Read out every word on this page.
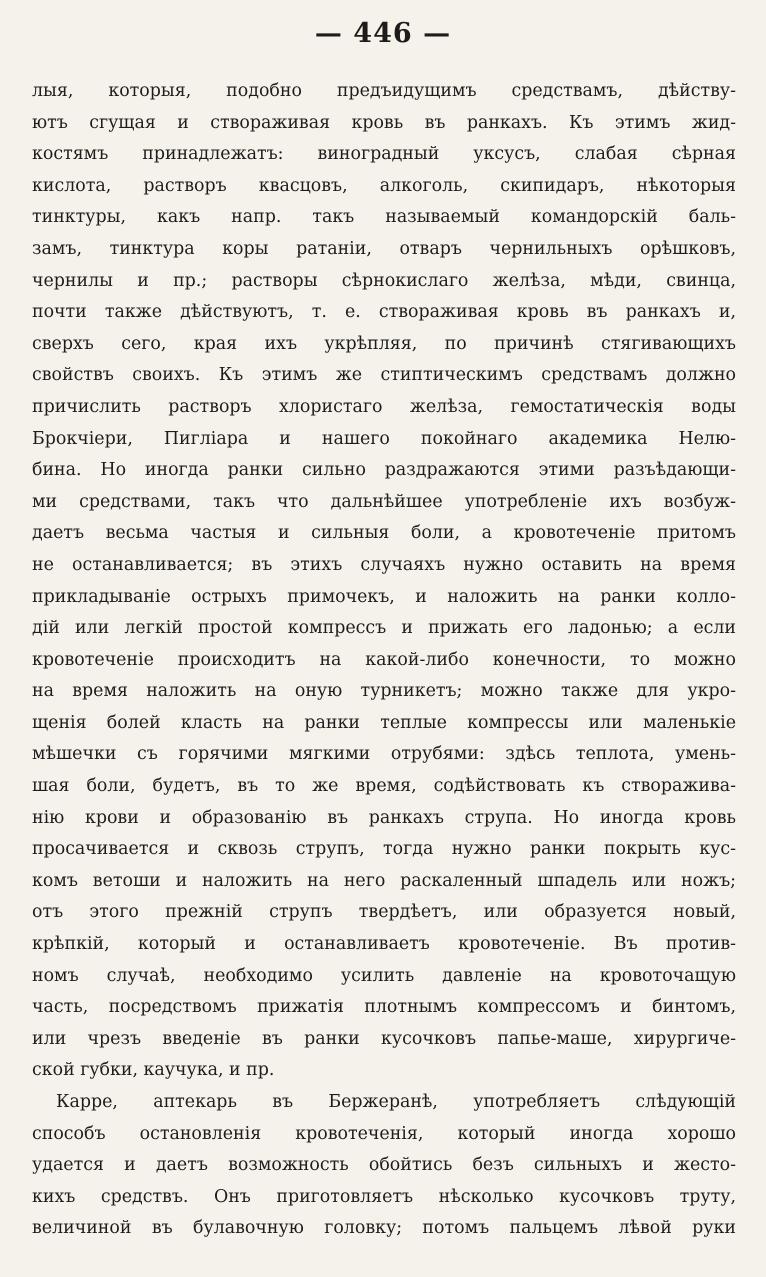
— 446 —
лыя, которыя, подобно предъидущимъ средствамъ, дѣйству-
ютъ сгущая и створаживая кровь въ ранкахъ. Къ этимъ жид-
костямъ принадлежатъ: виноградный уксусъ, слабая сѣрная
кислота, растворъ квасцовъ, алкоголь, скипидаръ, нѣкоторыя
тинктуры, какъ напр. такъ называемый командорскій баль-
замъ, тинктура коры ратаніи, отваръ чернильныхъ орѣшковъ,
чернилы и пр.; растворы сѣрнокислаго желѣза, мѣди, свинца,
почти также дѣйствуютъ, т. е. створаживая кровь въ ранкахъ и,
сверхъ сего, края ихъ укрѣпляя, по причинѣ стягивающихъ
свойствъ своихъ. Къ этимъ же стиптическимъ средствамъ должно
причислить растворъ хлористаго желѣза, гемостатическія воды
Брокчіери, Пигліара и нашего покойнаго академика Нелю-
бина. Но иногда ранки сильно раздражаются этими разъѣдающи-
ми средствами, такъ что дальнѣйшее употребленіе ихъ возбуж-
даетъ весьма частыя и сильныя боли, а кровотеченіе притомъ
не останавливается; въ этихъ случаяхъ нужно оставить на время
прикладываніе острыхъ примочекъ, и наложить на ранки колло-
дій или легкій простой компрессъ и прижать его ладонью; а если
кровотеченіе происходитъ на какой-либо конечности, то можно
на время наложить на оную турникетъ; можно также для укро-
щенія болей класть на ранки теплые компрессы или маленькіе
мѣшечки съ горячими мягкими отрубями: здѣсь теплота, умень-
шая боли, будетъ, въ то же время, содѣйствовать къ створажива-
нію крови и образованію въ ранкахъ струпа. Но иногда кровь
просачивается и сквозь струпъ, тогда нужно ранки покрыть кус-
комъ ветоши и наложить на него раскаленный шпадель или ножъ;
отъ этого прежній струпъ твердѣетъ, или образуется новый,
крѣпкій, который и останавливаетъ кровотеченіе. Въ против-
номъ случаѣ, необходимо усилить давленіе на кровоточащую
часть, посредствомъ прижатія плотнымъ компрессомъ и бинтомъ,
или чрезъ введеніе въ ранки кусочковъ папье-маше, хирургиче-
ской губки, каучука, и пр.
Карре, аптекарь въ Бержеранѣ, употребляетъ слѣдующій
способъ остановленія кровотеченія, который иногда хорошо
удается и даетъ возможность обойтись безъ сильныхъ и жесто-
кихъ средствъ. Онъ приготовляетъ нѣсколько кусочковъ труту,
величиной въ булавочную головку; потомъ пальцемъ лѣвой руки
